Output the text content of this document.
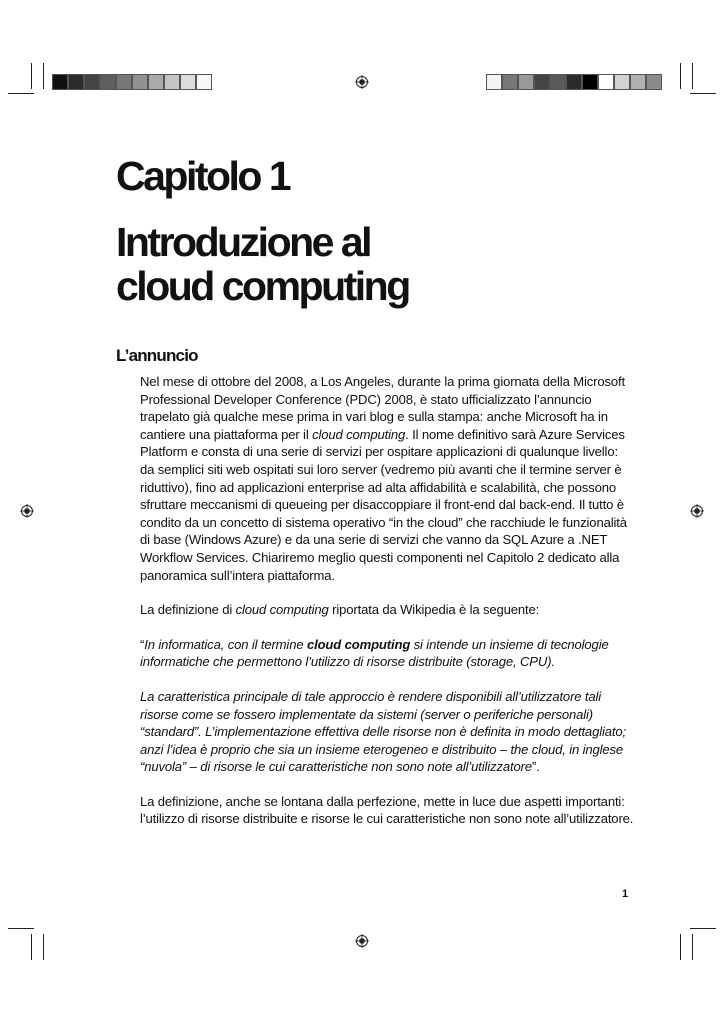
Capitolo 1
Introduzione al
cloud computing
L’annuncio

Nel mese di ottobre del 2008, a Los Angeles, durante la prima giornata della Microsoft Professional Developer Conference (PDC) 2008, è stato ufficializzato l’annuncio trapelato già qualche mese prima in vari blog e sulla stampa: anche Microsoft ha in cantiere una piattaforma per il cloud computing. Il nome definitivo sarà Azure Services Platform e consta di una serie di servizi per ospitare applicazioni di qualunque livello: da semplici siti web ospitati sui loro server (vedremo più avanti che il termine server è riduttivo), fino ad applicazioni enterprise ad alta affidabilità e scalabilità, che possono sfruttare meccanismi di queueing per disaccoppiare il front-end dal back-end. Il tutto è condito da un concetto di sistema operativo “in the cloud” che racchiude le funzionalità di base (Windows Azure) e da una serie di servizi che vanno da SQL Azure a .NET Workflow Services. Chiariremo meglio questi componenti nel Capitolo 2 dedicato alla panoramica sull’intera piattaforma.

La definizione di cloud computing riportata da Wikipedia è la seguente:

“In informatica, con il termine cloud computing si intende un insieme di tecnologie informatiche che permettono l’utilizzo di risorse distribuite (storage, CPU).

La caratteristica principale di tale approccio è rendere disponibili all’utilizzatore tali risorse come se fossero implementate da sistemi (server o periferiche personali) “standard”. L’implementazione effettiva delle risorse non è definita in modo dettagliato; anzi l’idea è proprio che sia un insieme eterogeneo e distribuito – the cloud, in inglese “nuvola” – di risorse le cui caratteristiche non sono note all’utilizzatore”.

La definizione, anche se lontana dalla perfezione, mette in luce due aspetti importanti: l’utilizzo di risorse distribuite e risorse le cui caratteristiche non sono note all’utilizzatore.

1
